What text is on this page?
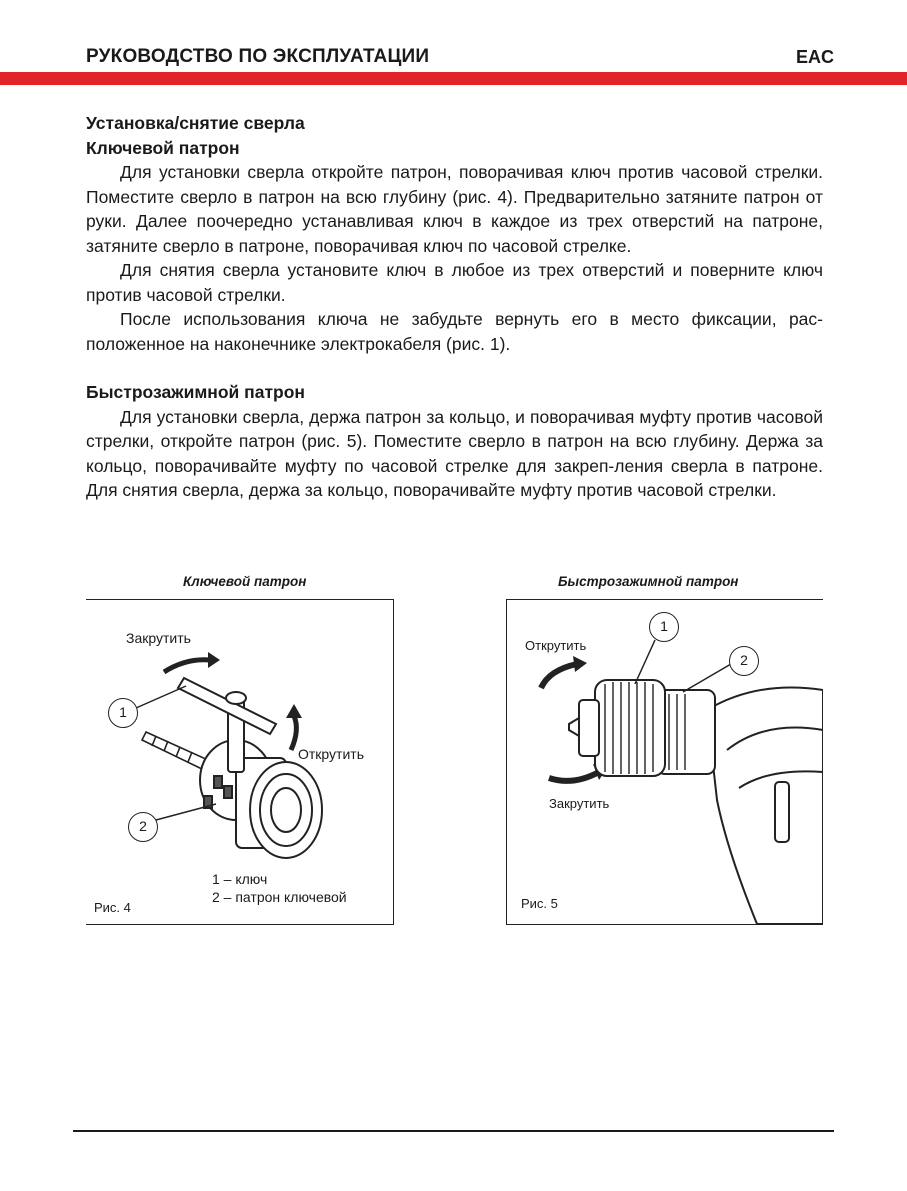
РУКОВОДСТВО ПО ЭКСПЛУАТАЦИИ	EAC
Установка/снятие сверла
Ключевой патрон

Для установки сверла откройте патрон, поворачивая ключ против часовой стрелки. Поместите сверло в патрон на всю глубину (рис. 4). Предварительно затяните патрон от руки. Далее поочередно устанавливая ключ в каждое из трех отверстий на патроне, затяните сверло в патроне, поворачивая ключ по часовой стрелке.

Для снятия сверла установите ключ в любое из трех отверстий и поверните ключ против часовой стрелки.

После использования ключа не забудьте вернуть его в место фиксации, рас-положенное на наконечнике электрокабеля (рис. 1).

Быстрозажимной патрон

Для установки сверла, держа патрон за кольцо, и поворачивая муфту против часовой стрелки, откройте патрон (рис. 5). Поместите сверло в патрон на всю глубину. Держа за кольцо, поворачивайте муфту по часовой стрелке для закреп-ления сверла в патроне. Для снятия сверла, держа за кольцо, поворачивайте муфту против часовой стрелки.

Ключевой патрон
Закрутить
Открутить
1
2
1 – ключ
2 – патрон ключевой
Рис. 4
Быстрозажимной патрон
Открутить
Закрутить
1
2
Рис. 5
